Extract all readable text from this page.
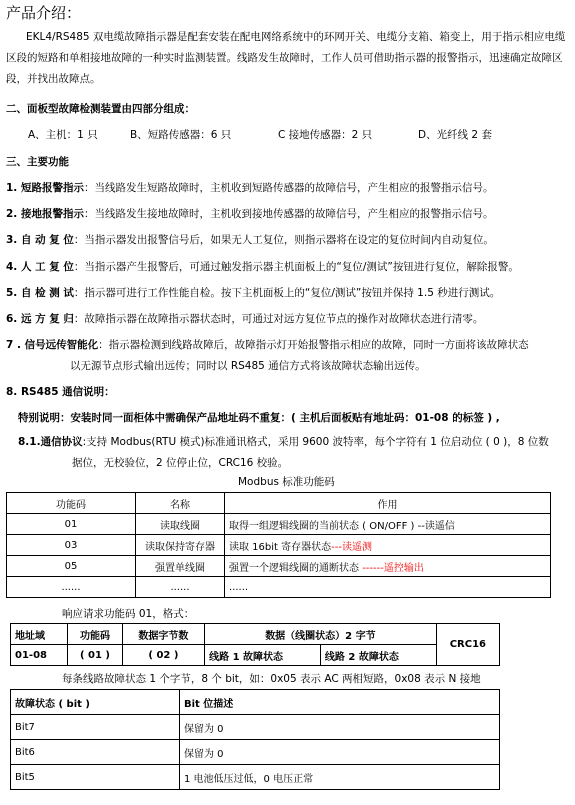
产品介绍：
EKL4/RS485 双电缆故障指示器是配套安装在配电网络系统中的环网开关、电缆分支箱、箱变上，用于指示相应电缆区段的短路和单相接地故障的一种实时监测装置。线路发生故障时，工作人员可借助指示器的报警指示，迅速确定故障区段，并找出故障点。
二、面板型故障检测装置由四部分组成：
A、主机：1 只	B、短路传感器：6 只	C 接地传感器：2 只	D、光纤线 2 套
三、主要功能
1. 短路报警指示：当线路发生短路故障时，主机收到短路传感器的故障信号，产生相应的报警指示信号。
2. 接地报警指示：当线路发生接地故障时，主机收到接地传感器的故障信号，产生相应的报警指示信号。
3. 自 动 复 位：当指示器发出报警信号后，如果无人工复位，则指示器将在设定的复位时间内自动复位。
4. 人 工 复 位：当指示器产生报警后，可通过触发指示器主机面板上的“复位/测试”按钮进行复位，解除报警。
5. 自 检 测 试：指示器可进行工作性能自检。按下主机面板上的“复位/测试”按钮并保持 1.5 秒进行测试。
6. 远 方 复 归：故障指示器在故障指示器状态时，可通过对远方复位节点的操作对故障状态进行清零。
7 . 信号远传智能化：指示器检测到线路故障后，故障指示灯开始报警指示相应的故障，同时一方面将该故障状态
以无源节点形式输出远传；同时以 RS485 通信方式将该故障状态输出远传。
8. RS485 通信说明：
特别说明：安装时同一面柜体中需确保产品地址码不重复：( 主机后面板贴有地址码：01-08 的标签 ) ,
8.1.通信协议:支持 Modbus(RTU 模式)标准通讯格式，采用 9600 波特率，每个字符有 1 位启动位 ( 0 )，8 位数
据位，无校验位，2 位停止位，CRC16 校验。
Modbus 标准功能码
功能码	名称	作用
01	读取线圈	取得一组逻辑线圈的当前状态 ( ON/OFF ) --读遥信
03	读取保持寄存器	读取 16bit 寄存器状态---读遥测
05	强置单线圈	强置一个逻辑线圈的通断状态 ------遥控输出
......	......	......
响应请求功能码 01，格式：
地址域	功能码	数据字节数	数据（线圈状态）2 字节		CRC16
01-08	( 01 )	( 02 )	线路 1 故障状态	线路 2 故障状态	
每条线路故障状态 1 个字节，8 个 bit，如：0x05 表示 AC 两相短路，0x08 表示 N 接地
故障状态 ( bit )	Bit 位描述
Bit7	保留为 0
Bit6	保留为 0
Bit5	1 电池低压过低，0 电压正常
